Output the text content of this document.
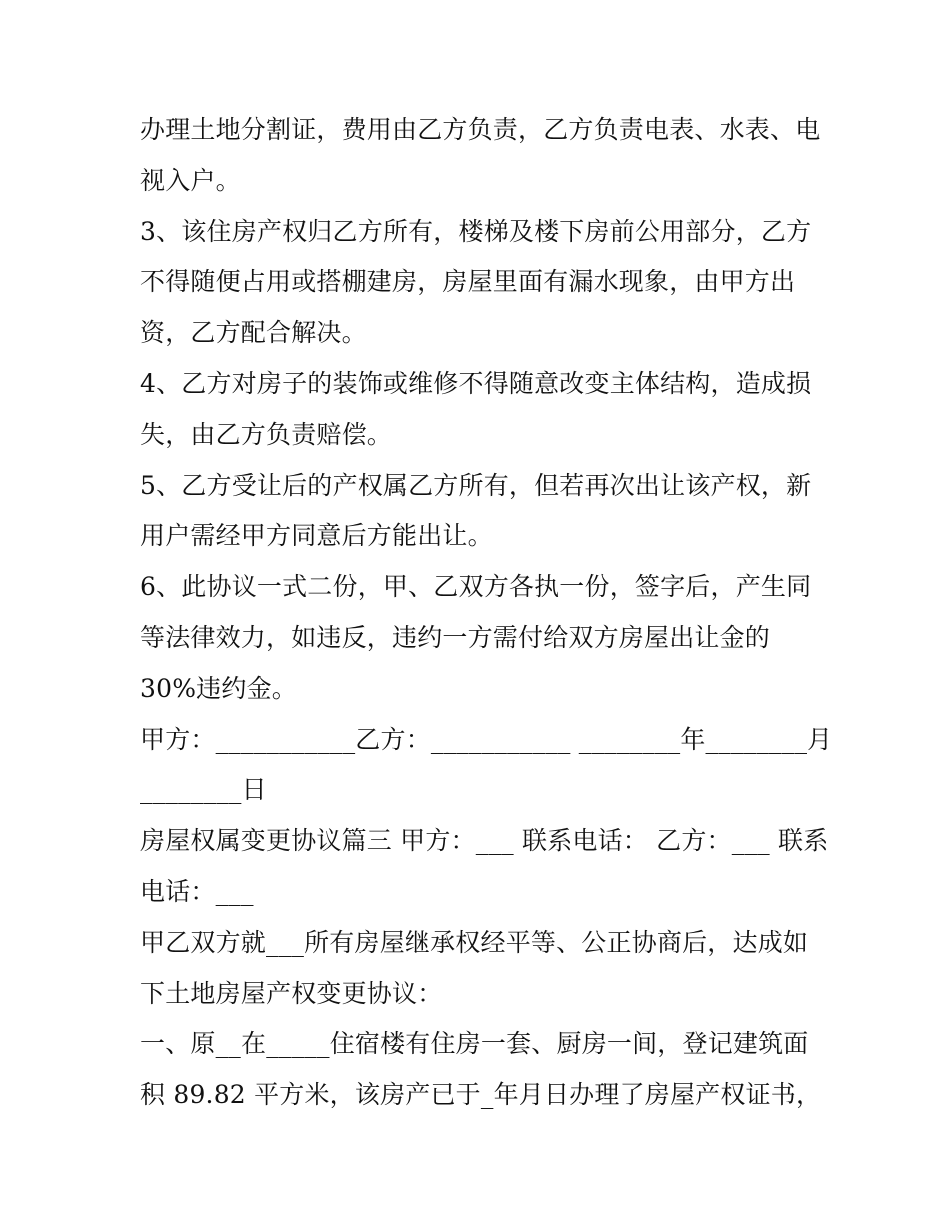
办理土地分割证，费用由乙方负责，乙方负责电表、水表、电
视入户。
3、该住房产权归乙方所有，楼梯及楼下房前公用部分，乙方
不得随便占用或搭棚建房，房屋里面有漏水现象，由甲方出
资，乙方配合解决。
4、乙方对房子的装饰或维修不得随意改变主体结构，造成损
失，由乙方负责赔偿。
5、乙方受让后的产权属乙方所有，但若再次出让该产权，新
用户需经甲方同意后方能出让。
6、此协议一式二份，甲、乙双方各执一份，签字后，产生同
等法律效力，如违反，违约一方需付给双方房屋出让金的
30%违约金。
甲方：___________乙方：___________ ________年________月
________日
房屋权属变更协议篇三 甲方：___ 联系电话： 乙方：___ 联系
电话：___
甲乙双方就___所有房屋继承权经平等、公正协商后，达成如
下土地房屋产权变更协议：
一、原__在_____住宿楼有住房一套、厨房一间，登记建筑面
积 89.82 平方米，该房产已于_年月日办理了房屋产权证书，
